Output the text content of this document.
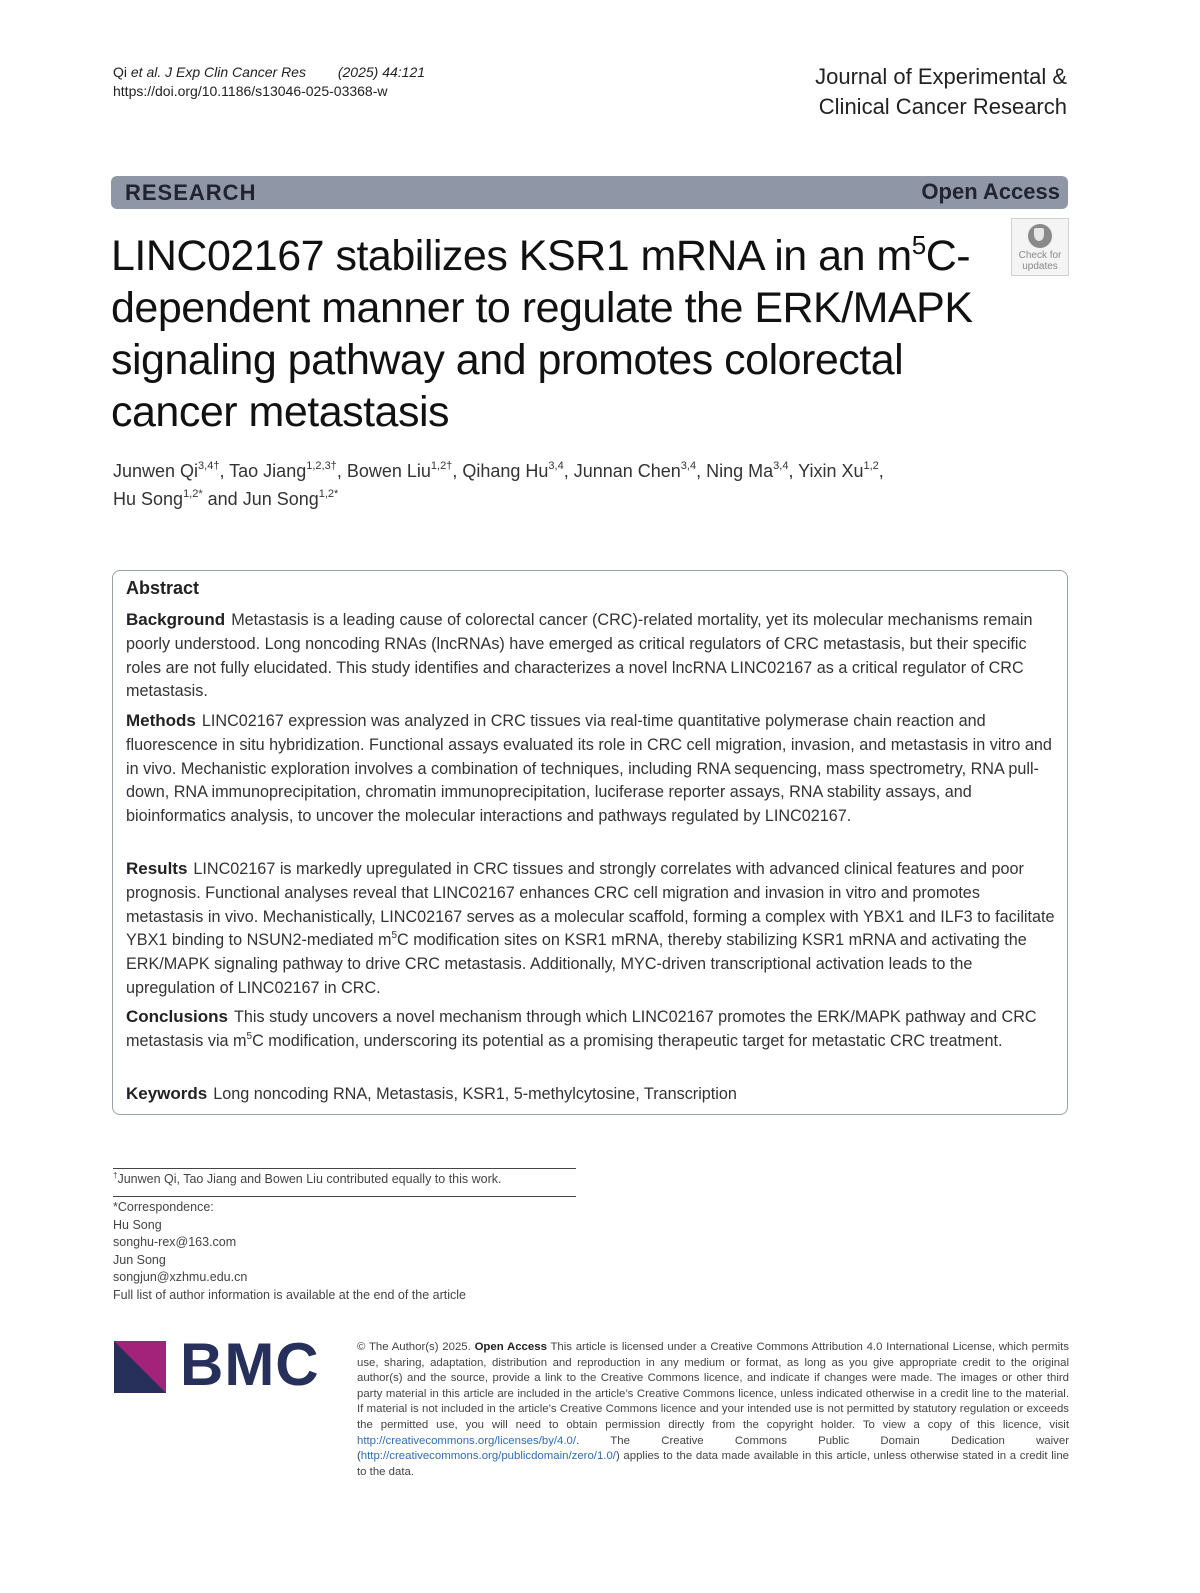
Qi et al. J Exp Clin Cancer Res (2025) 44:121
https://doi.org/10.1186/s13046-025-03368-w
Journal of Experimental &
Clinical Cancer Research
RESEARCH	Open Access
LINC02167 stabilizes KSR1 mRNA in an $m^5C-$
dependent manner to regulate the ERK/MAPK
signaling pathway and promotes colorectal
cancer metastasis
Check for
updates
Junwen $Qi^{3,4\dagger}$, Tao Jiang$^{1,2,3\dagger}$, Bowen Liu$^{1,2\dagger}$, Qihang Hu$^{3,4}$, Junnan Chen$^{3,4}$, Ning Ma$^{3,4}$, Yixin Xu$^{1,2}$,
Hu Song$^{1,2*}$ and Jun Song$^{1,2*}$
Abstract
Background Metastasis is a leading cause of colorectal cancer (CRC)-related mortality, yet its molecular mechanisms remain poorly understood. Long noncoding RNAs (lncRNAs) have emerged as critical regulators of CRC metastasis, but their specific roles are not fully elucidated. This study identifies and characterizes a novel lncRNA LINC02167 as a critical regulator of CRC metastasis.
Methods LINC02167 expression was analyzed in CRC tissues via real-time quantitative polymerase chain reaction and fluorescence in situ hybridization. Functional assays evaluated its role in CRC cell migration, invasion, and metastasis in vitro and in vivo. Mechanistic exploration involves a combination of techniques, including RNA sequencing, mass spectrometry, RNA pull-down, RNA immunoprecipitation, chromatin immunoprecipitation, luciferase reporter assays, RNA stability assays, and bioinformatics analysis, to uncover the molecular interactions and pathways regulated by LINC02167.
Results LINC02167 is markedly upregulated in CRC tissues and strongly correlates with advanced clinical features and poor prognosis. Functional analyses reveal that LINC02167 enhances CRC cell migration and invasion in vitro and promotes metastasis in vivo. Mechanistically, LINC02167 serves as a molecular scaffold, forming a complex with YBX1 and ILF3 to facilitate YBX1 binding to NSUN2-mediated $m^5C$ modification sites on KSR1 mRNA, thereby stabilizing KSR1 mRNA and activating the ERK/MAPK signaling pathway to drive CRC metastasis. Additionally, MYC-driven transcriptional activation leads to the upregulation of LINC02167 in CRC.
Conclusions This study uncovers a novel mechanism through which LINC02167 promotes the ERK/MAPK pathway and CRC metastasis via $m^5C$ modification, underscoring its potential as a promising therapeutic target for metastatic CRC treatment.
Keywords Long noncoding RNA, Metastasis, KSR1, 5-methylcytosine, Transcription
†Junwen Qi, Tao Jiang and Bowen Liu contributed equally to this work.
*Correspondence:
Hu Song
songhu-rex@163.com
Jun Song
songjun@xzhmu.edu.cn
Full list of author information is available at the end of the article
BMC	© The Author(s) 2025. Open Access This article is licensed under a Creative Commons Attribution 4.0 International License, which permits use, sharing, adaptation, distribution and reproduction in any medium or format, as long as you give appropriate credit to the original author(s) and the source, provide a link to the Creative Commons licence, and indicate if changes were made. The images or other third party material in this article are included in the article’s Creative Commons licence, unless indicated otherwise in a credit line to the material. If material is not included in the article’s Creative Commons licence and your intended use is not permitted by statutory regulation or exceeds the permitted use, you will need to obtain permission directly from the copyright holder. To view a copy of this licence, visit http://creativecommons.org/licenses/by/4.0/. The Creative Commons Public Domain Dedication waiver (http://creativecommons.org/publicdomain/zero/1.0/) applies to the data made available in this article, unless otherwise stated in a credit line to the data.
